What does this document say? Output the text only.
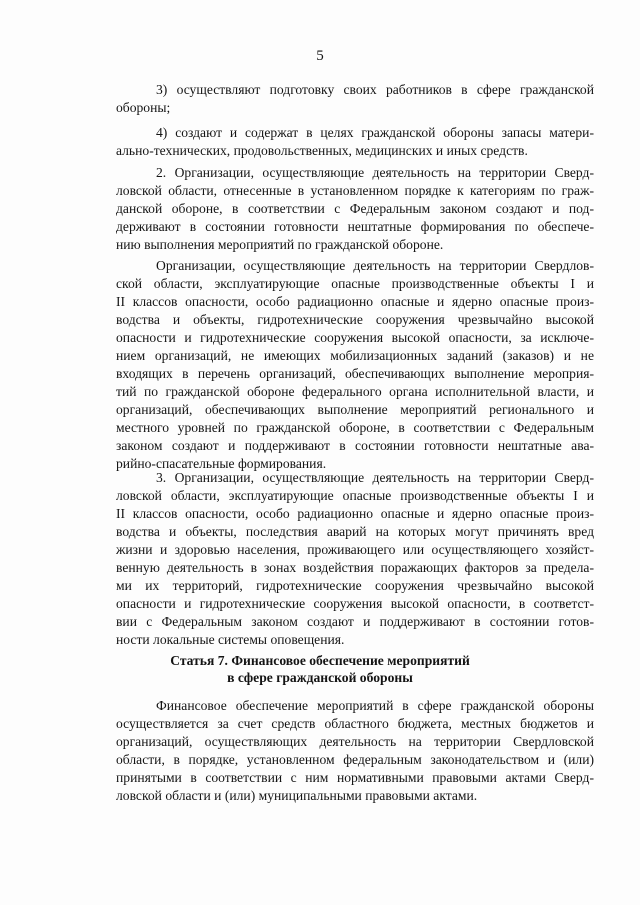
5
3) осуществляют подготовку своих работников в сфере гражданской
обороны;
4) создают и содержат в целях гражданской обороны запасы матери-
ально-технических, продовольственных, медицинских и иных средств.
2. Организации, осуществляющие деятельность на территории Сверд-
ловской области, отнесенные в установленном порядке к категориям по граж-
данской обороне, в соответствии с Федеральным законом создают и под-
держивают в состоянии готовности нештатные формирования по обеспече-
нию выполнения мероприятий по гражданской обороне.
Организации, осуществляющие деятельность на территории Свердлов-
ской области, эксплуатирующие опасные производственные объекты I и
II классов опасности, особо радиационно опасные и ядерно опасные произ-
водства и объекты, гидротехнические сооружения чрезвычайно высокой
опасности и гидротехнические сооружения высокой опасности, за исключе-
нием организаций, не имеющих мобилизационных заданий (заказов) и не
входящих в перечень организаций, обеспечивающих выполнение мероприя-
тий по гражданской обороне федерального органа исполнительной власти, и
организаций, обеспечивающих выполнение мероприятий регионального и
местного уровней по гражданской обороне, в соответствии с Федеральным
законом создают и поддерживают в состоянии готовности нештатные ава-
рийно-спасательные формирования.
3. Организации, осуществляющие деятельность на территории Сверд-
ловской области, эксплуатирующие опасные производственные объекты I и
II классов опасности, особо радиационно опасные и ядерно опасные произ-
водства и объекты, последствия аварий на которых могут причинять вред
жизни и здоровью населения, проживающего или осуществляющего хозяйст-
венную деятельность в зонах воздействия поражающих факторов за предела-
ми их территорий, гидротехнические сооружения чрезвычайно высокой
опасности и гидротехнические сооружения высокой опасности, в соответст-
вии с Федеральным законом создают и поддерживают в состоянии готов-
ности локальные системы оповещения.
Статья 7. Финансовое обеспечение мероприятий
в сфере гражданской обороны
Финансовое обеспечение мероприятий в сфере гражданской обороны
осуществляется за счет средств областного бюджета, местных бюджетов и
организаций, осуществляющих деятельность на территории Свердловской
области, в порядке, установленном федеральным законодательством и (или)
принятыми в соответствии с ним нормативными правовыми актами Сверд-
ловской области и (или) муниципальными правовыми актами.
